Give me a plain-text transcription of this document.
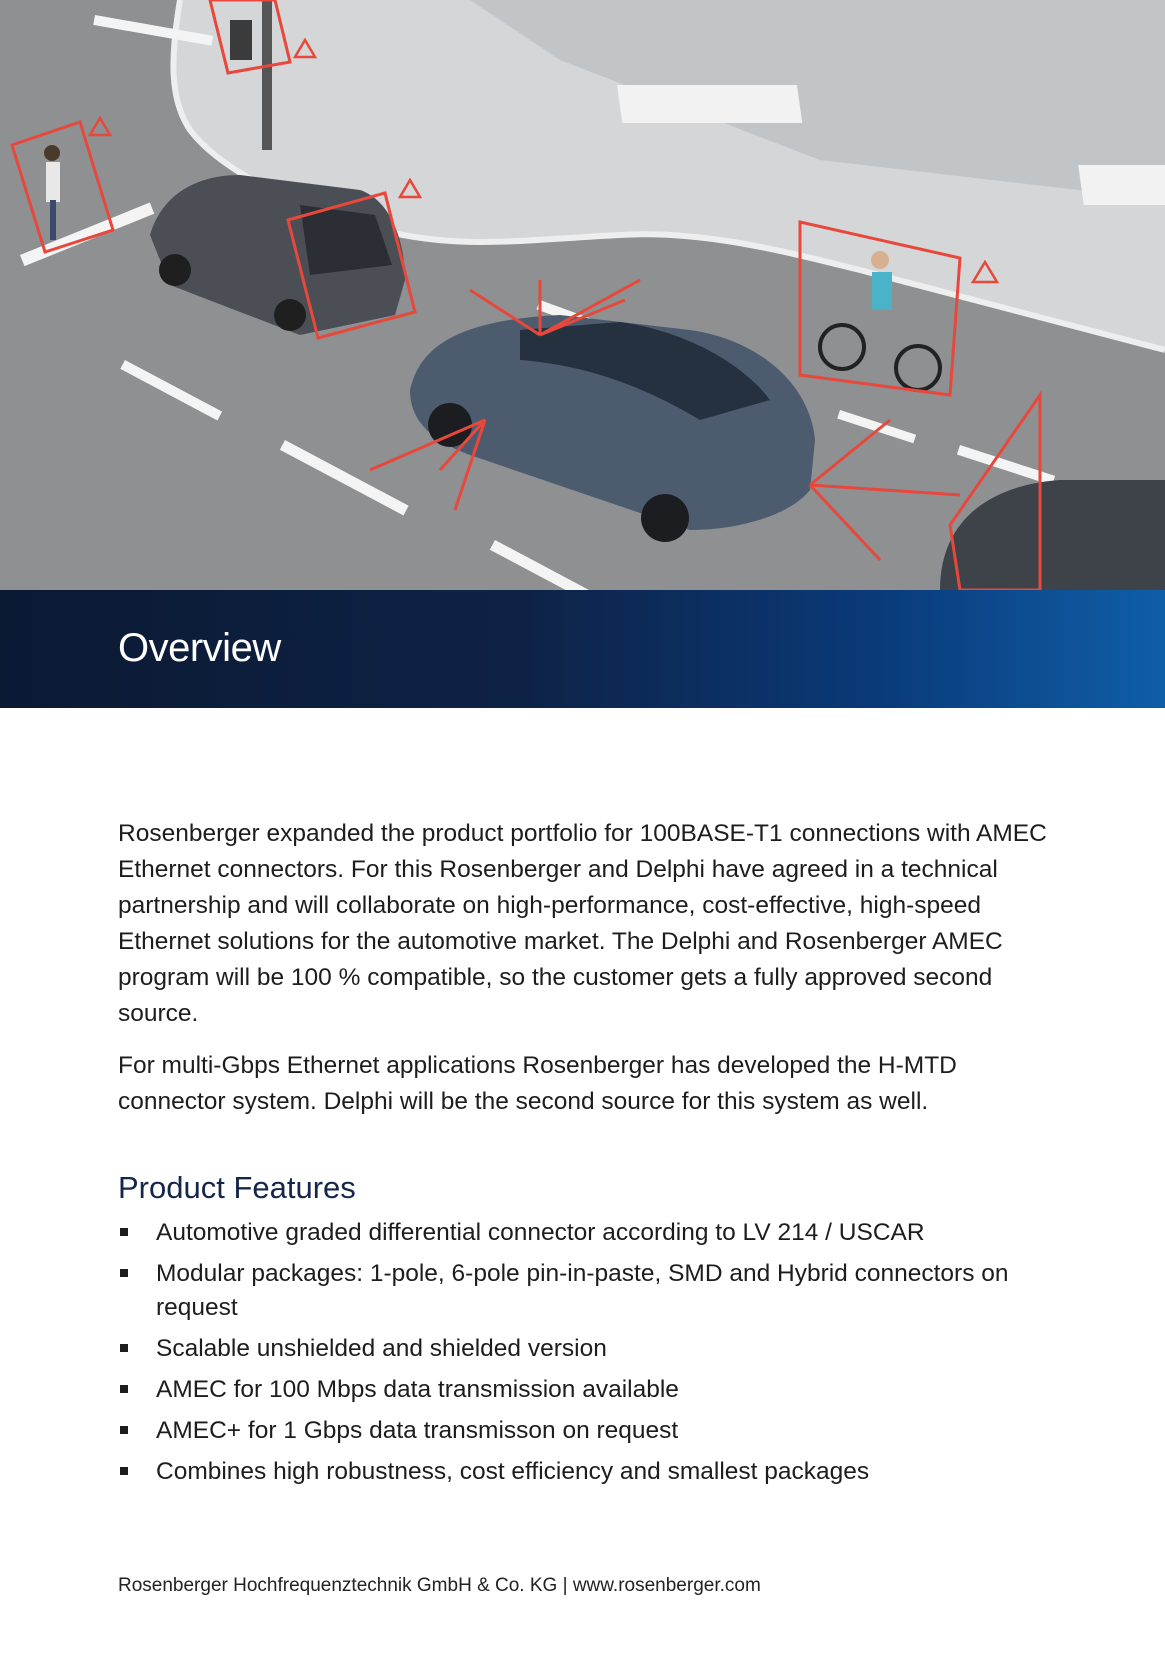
Overview

Rosenberger expanded the product portfolio for 100BASE-T1 connections with AMEC Ethernet connectors. For this Rosenberger and Delphi have agreed in a technical partnership and will collaborate on high-performance, cost-effective, high-speed Ethernet solutions for the automotive market. The Delphi and Rosenberger AMEC program will be 100 % compatible, so the customer gets a fully approved second source.

For multi-Gbps Ethernet applications Rosenberger has developed the H-MTD connector system. Delphi will be the second source for this system as well.

Product Features
Automotive graded differential connector according to LV 214 / USCAR
Modular packages: 1-pole, 6-pole pin-in-paste, SMD and Hybrid connectors on request
Scalable unshielded and shielded version
AMEC for 100 Mbps data transmission available
AMEC+ for 1 Gbps data transmisson on request
Combines high robustness, cost efficiency and smallest packages
Rosenberger Hochfrequenztechnik GmbH & Co. KG | www.rosenberger.com
